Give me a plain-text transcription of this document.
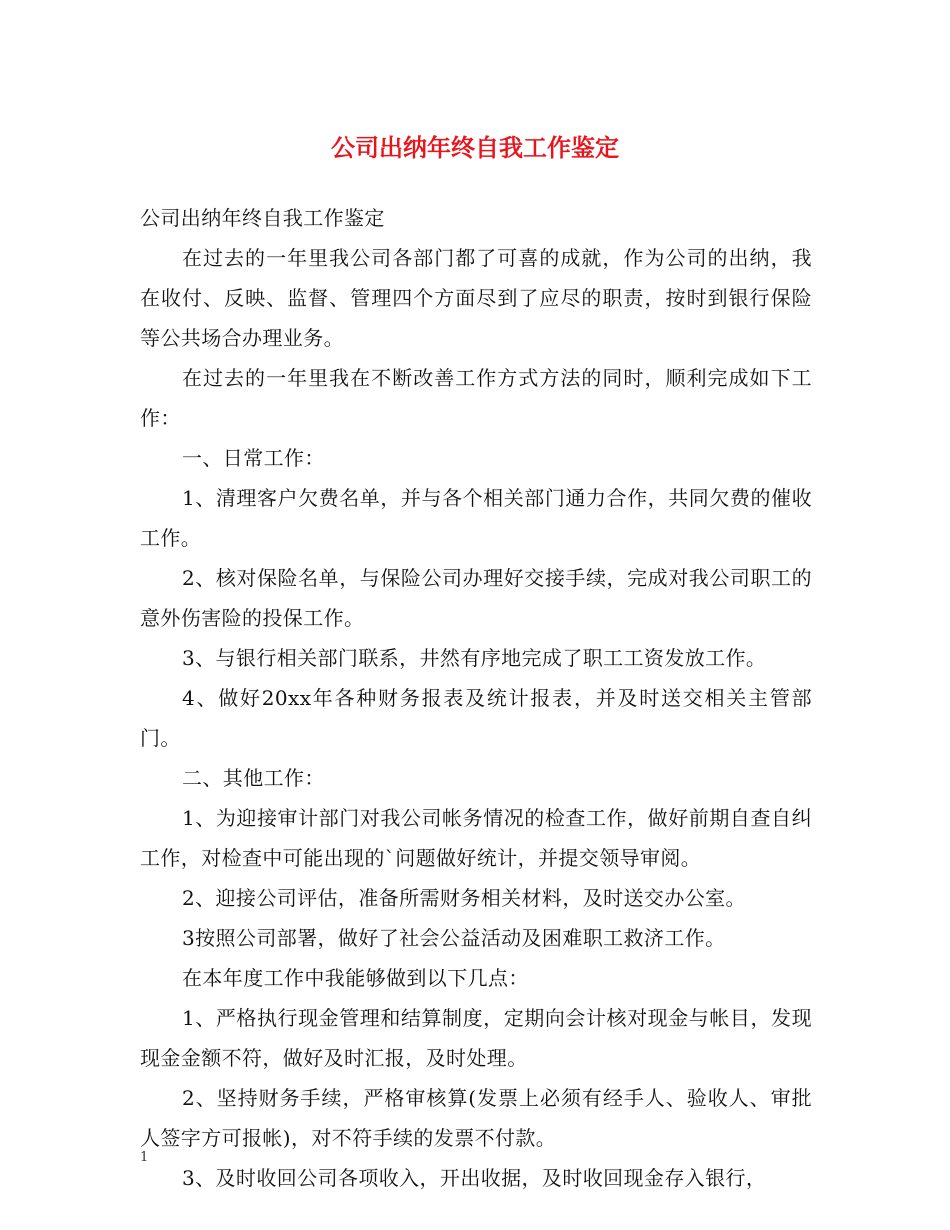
公司出纳年终自我工作鉴定

公司出纳年终自我工作鉴定

在过去的一年里我公司各部门都了可喜的成就，作为公司的出纳，我在收付、反映、监督、管理四个方面尽到了应尽的职责，按时到银行保险等公共场合办理业务。

在过去的一年里我在不断改善工作方式方法的同时，顺利完成如下工作：

一、日常工作：

1、清理客户欠费名单，并与各个相关部门通力合作，共同欠费的催收工作。

2、核对保险名单，与保险公司办理好交接手续，完成对我公司职工的意外伤害险的投保工作。

3、与银行相关部门联系，井然有序地完成了职工工资发放工作。

4、做好20xx年各种财务报表及统计报表，并及时送交相关主管部门。

二、其他工作：

1、为迎接审计部门对我公司帐务情况的检查工作，做好前期自查自纠工作，对检查中可能出现的`问题做好统计，并提交领导审阅。

2、迎接公司评估，准备所需财务相关材料，及时送交办公室。

3按照公司部署，做好了社会公益活动及困难职工救济工作。

在本年度工作中我能够做到以下几点：

1、严格执行现金管理和结算制度，定期向会计核对现金与帐目，发现现金金额不符，做好及时汇报，及时处理。

2、坚持财务手续，严格审核算(发票上必须有经手人、验收人、审批人签字方可报帐)，对不符手续的发票不付款。

3、及时收回公司各项收入，开出收据，及时收回现金存入银行，

1
